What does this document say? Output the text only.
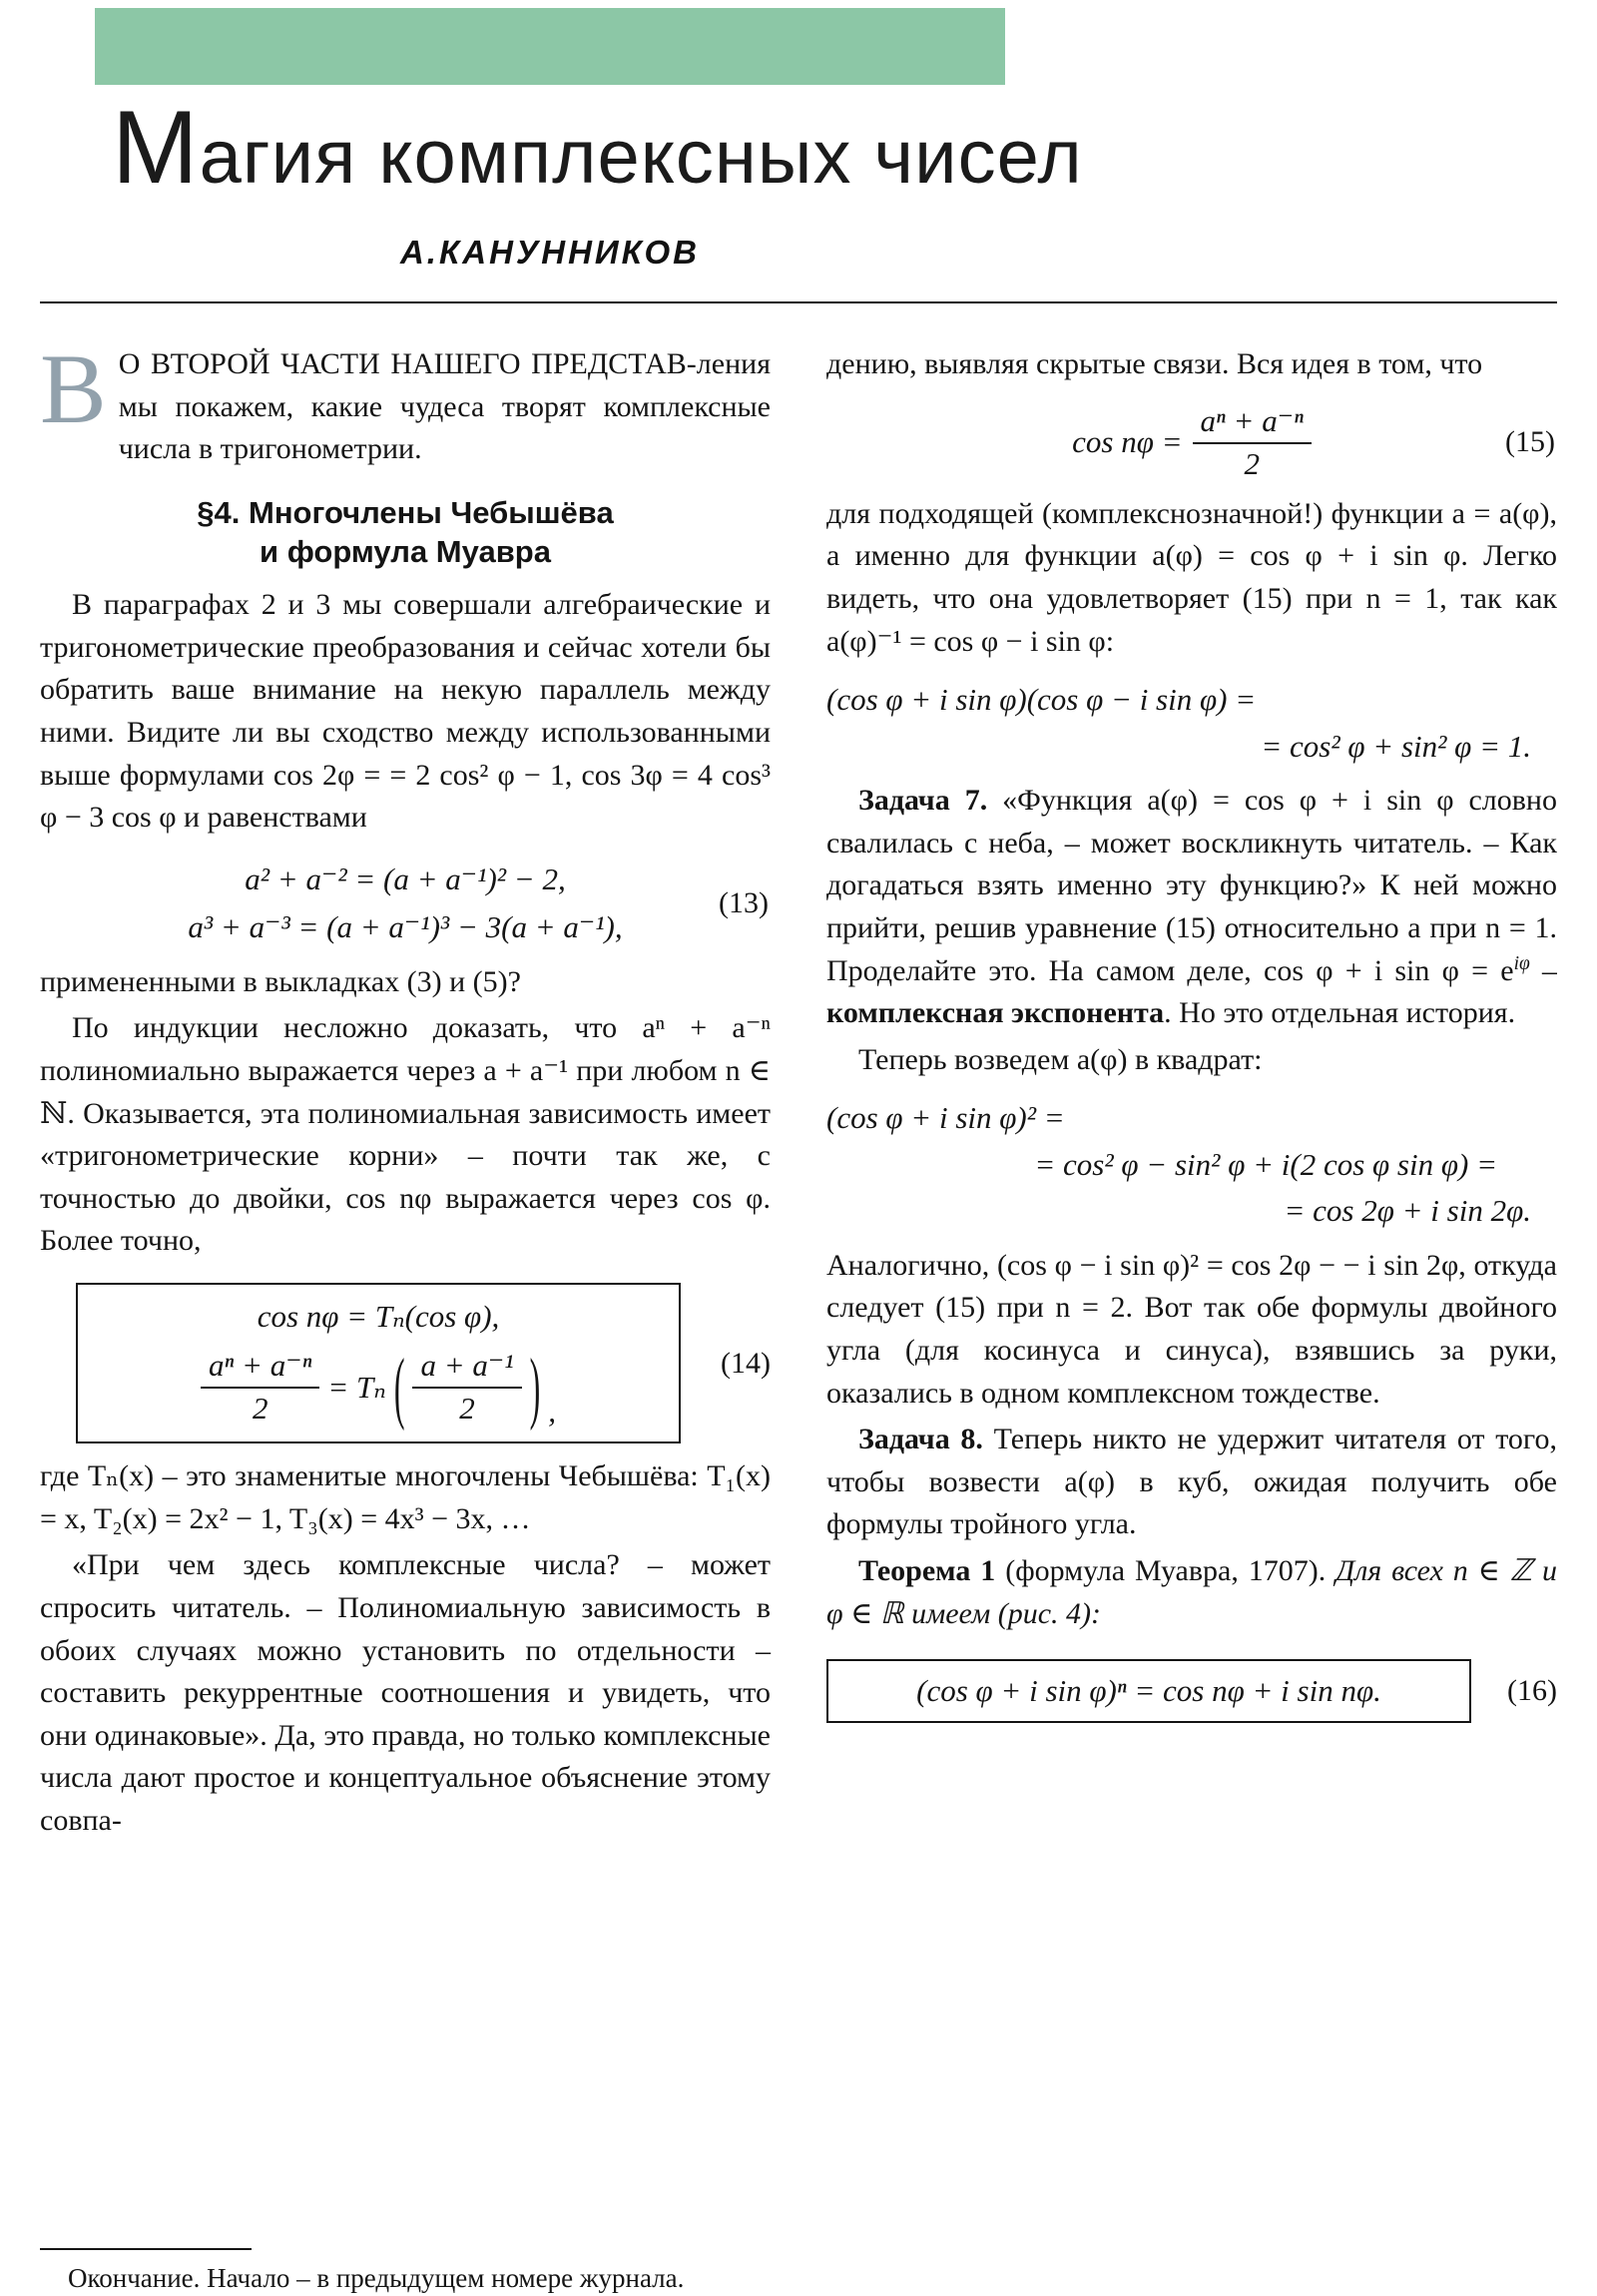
Магия комплексных чисел
А.КАНУННИКОВ

В О ВТОРОЙ ЧАСТИ НАШЕГО ПРЕДСТАВ-ления мы покажем, какие чудеса творят комплексные числа в тригонометрии.

§4. Многочлены Чебышёва
и формула Муавра

В параграфах 2 и 3 мы совершали алгебраические и тригонометрические преобразования и сейчас хотели бы обратить ваше внимание на некую параллель между ними. Видите ли вы сходство между использованными выше формулами cos 2φ = = 2 cos² φ − 1, cos 3φ = 4 cos³ φ − 3 cos φ и равенствами

a² + a⁻² = (a + a⁻¹)² − 2,
a³ + a⁻³ = (a + a⁻¹)³ − 3(a + a⁻¹),
(13)

примененными в выкладках (3) и (5)?

По индукции несложно доказать, что aⁿ + a⁻ⁿ полиномиально выражается через a + a⁻¹ при любом n ∈ ℕ. Оказывается, эта полиномиальная зависимость имеет «тригонометрические корни» – почти так же, с точностью до двойки, cos nφ выражается через cos φ. Более точно,

cos nφ = Tₙ(cos φ),
$\frac{\text{aⁿ + a⁻ⁿ}}{2} = T_n$ ( $\frac{\text{a + a⁻¹}}{2}$ ) ,
(14)

где Tₙ(x) – это знаменитые многочлены Чебышёва: T₁(x) = x, T₂(x) = 2x² − 1, T₃(x) = 4x³ − 3x, …

«При чем здесь комплексные числа? – может спросить читатель. – Полиномиальную зависимость в обоих случаях можно установить по отдельности – составить рекуррентные соотношения и увидеть, что они одинаковые». Да, это правда, но только комплексные числа дают простое и концептуальное объяснение этому совпа-

Окончание. Начало – в предыдущем номере журнала.

дению, выявляя скрытые связи. Вся идея в том, что

$\cos n\varphi = \frac{\text{aⁿ + a⁻ⁿ}}{2}$	(15)

для подходящей (комплекснозначной!) функции a = a(φ), а именно для функции a(φ) = cos φ + i sin φ. Легко видеть, что она удовлетворяет (15) при n = 1, так как a(φ)⁻¹ = cos φ − i sin φ:

(cos φ + i sin φ)(cos φ − i sin φ) =
= cos² φ + sin² φ = 1.

Задача 7. «Функция a(φ) = cos φ + i sin φ словно свалилась с неба, – может воскликнуть читатель. – Как догадаться взять именно эту функцию?» К ней можно прийти, решив уравнение (15) относительно a при n = 1. Проделайте это. На самом деле, cos φ + i $\sin \varphi = e^{i\varphi}$ – комплексная экспонента. Но это отдельная история.

Теперь возведем a(φ) в квадрат:

(cos φ + i sin φ)² =
= cos² φ − sin² φ + i(2 cos φ sin φ) =
= cos 2φ + i sin 2φ.

Аналогично, (cos φ − i sin φ)² = cos 2φ − − i sin 2φ, откуда следует (15) при n = 2. Вот так обе формулы двойного угла (для косинуса и синуса), взявшись за руки, оказались в одном комплексном тождестве.

Задача 8. Теперь никто не удержит читателя от того, чтобы возвести a(φ) в куб, ожидая получить обе формулы тройного угла.

Теорема 1 (формула Муавра, 1707). Для всех n ∈ ℤ и φ ∈ ℝ имеем (рис. 4):

(cos φ + i sin φ)ⁿ = cos nφ + i sin nφ.	(16)
